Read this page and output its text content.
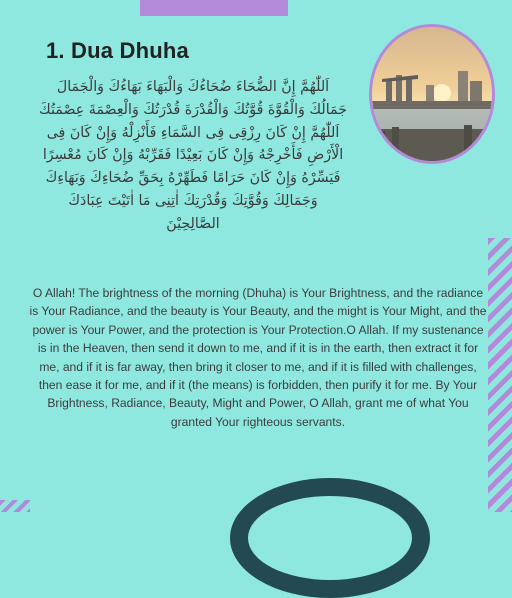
1. Dua Dhuha
اَللّٰهُمَّ إِنَّ الضُّحَاءَ ضُحَاءُكَ وَالْبَهَاءَ بَهَاءُكَ وَالْجَمَالَ
جَمَالُكَ وَالْقُوَّةَ قُوَّتُكَ وَالْقُدْرَةَ قُدْرَتُكَ وَالْعِصْمَةَ عِصْمَتُكَ
اَللّٰهُمَّ إِنْ كَانَ رِزْقِى فِى السَّمَاءِ فَأَنْزِلْهُ وَإِنْ كَانَ فِى
الْأَرْضِ فَأَخْرِجْهُ وَإِنْ كَانَ بَعِيْدًا فَقَرِّبْهُ وَإِنْ كَانَ مُعْسِرًا
فَيَسِّرْهُ وَإِنْ كَانَ حَرَامًا فَطَهِّرْهُ بِحَقِّ ضُحَاءِكَ وَبَهَاءِكَ
وَجَمَالِكَ وَقُوَّتِكَ وَقُدْرَتِكَ اٰتِنِى مَا اٰتَيْتَ عِبَادَكَ
الصَّالِحِيْنَ

O Allah! The brightness of the morning (Dhuha) is Your Brightness, and the radiance is Your Radiance, and the beauty is Your Beauty, and the might is Your Might, and the power is Your Power, and the protection is Your Protection.O Allah. If my sustenance is in the Heaven, then send it down to me, and if it is in the earth, then extract it for me, and if it is far away, then bring it closer to me, and if it is filled with challenges, then ease it for me, and if it (the means) is forbidden, then purify it for me. By Your Brightness, Radiance, Beauty, Might and Power, O Allah, grant me of what You granted Your righteous servants.
